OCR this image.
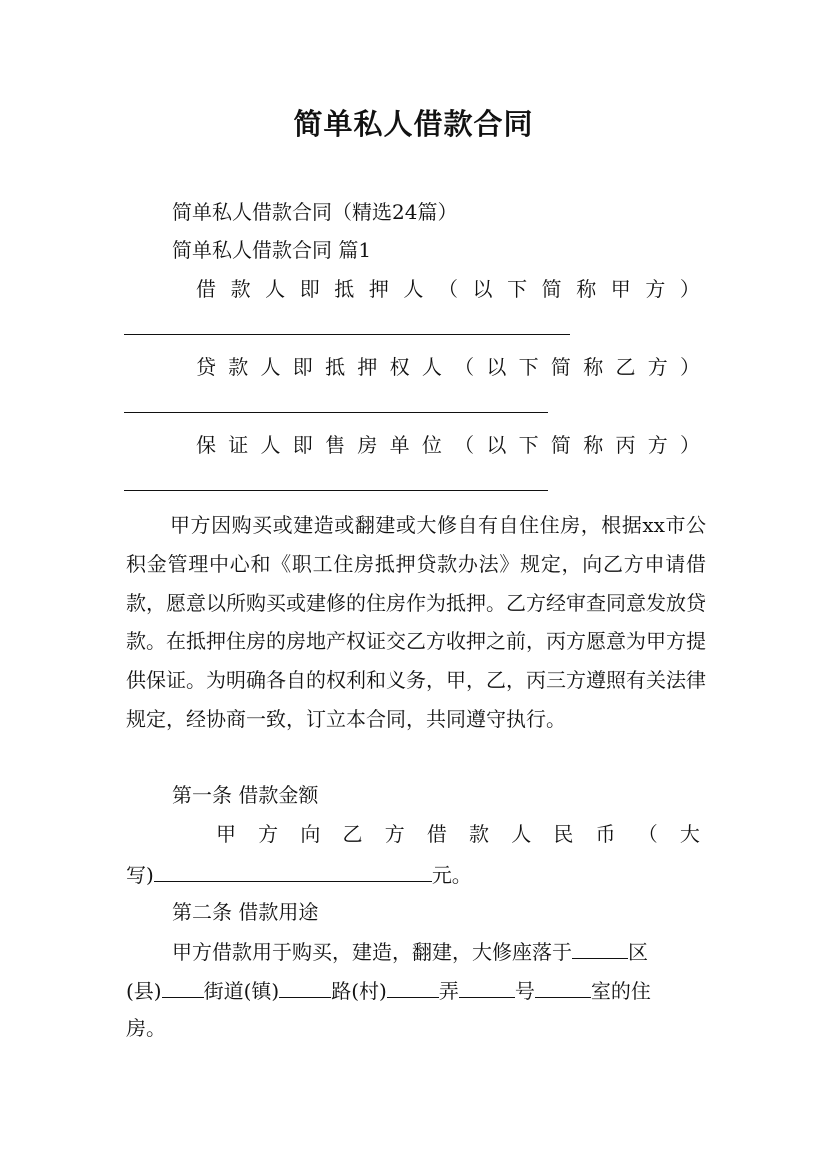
简单私人借款合同
简单私人借款合同（精选24篇）
简单私人借款合同 篇1
借 款 人 即 抵 押 人 （ 以 下 简 称 甲 方 ）
贷 款 人 即 抵 押 权 人 （ 以 下 简 称 乙 方 ）
保 证 人 即 售 房 单 位 （ 以 下 简 称 丙 方 ）
甲方因购买或建造或翻建或大修自有自住住房，根据xx市公积金管理中心和《职工住房抵押贷款办法》规定，向乙方申请借款，愿意以所购买或建修的住房作为抵押。乙方经审查同意发放贷款。在抵押住房的房地产权证交乙方收押之前，丙方愿意为甲方提供保证。为明确各自的权利和义务，甲，乙，丙三方遵照有关法律规定，经协商一致，订立本合同，共同遵守执行。
第一条 借款金额
甲 方 向 乙 方 借 款 人 民 币 （ 大
写)	元。
第二条 借款用途
甲方借款用于购买，建造，翻建，大修座落于	区
(县) 街道(镇)	路(村)	弄	号	室的住
房。
